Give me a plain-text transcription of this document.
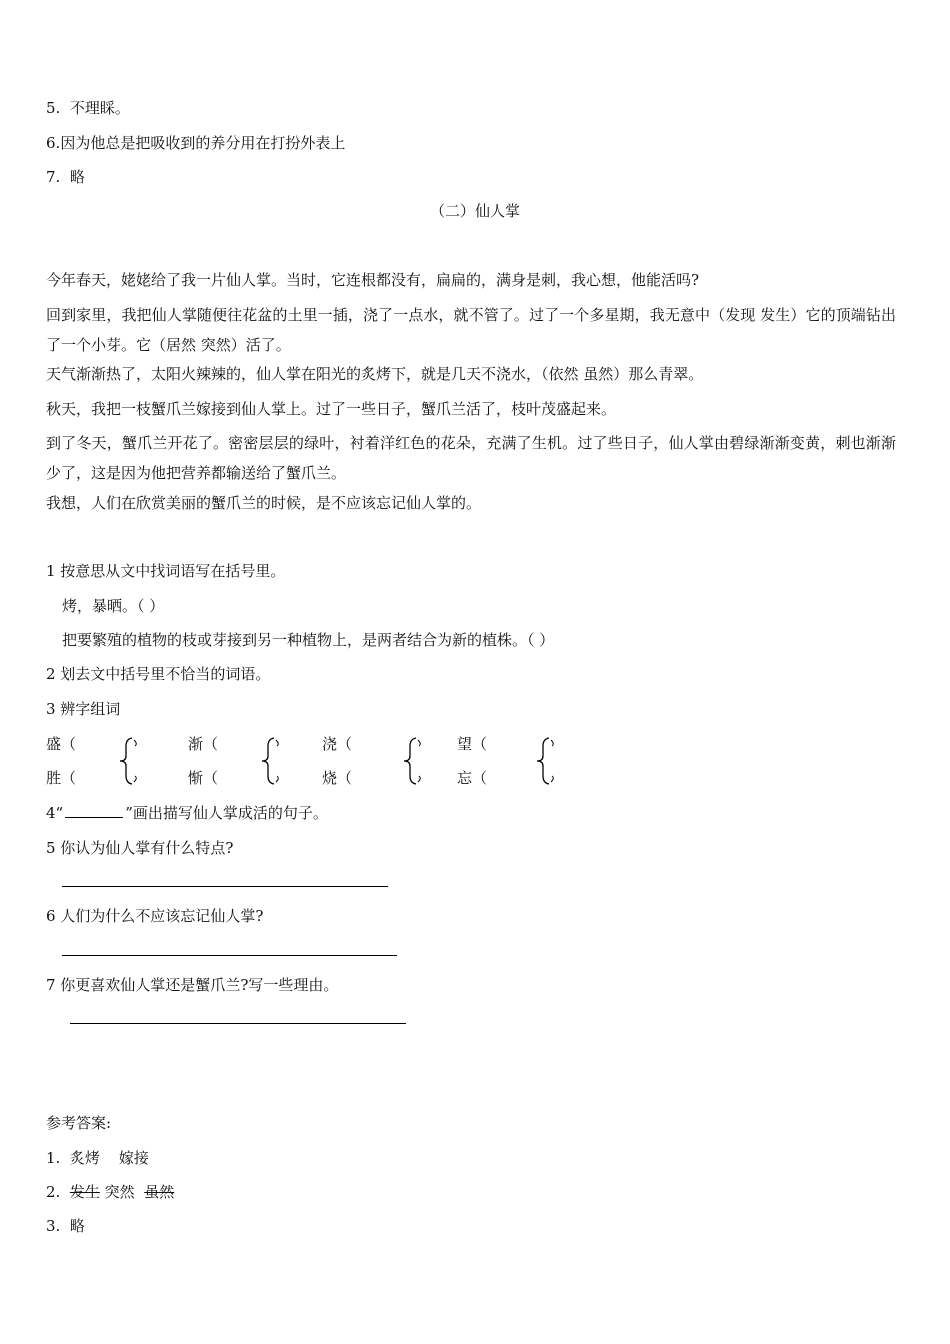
5. 不理睬。
6.因为他总是把吸收到的养分用在打扮外表上
7. 略
（二）仙人掌
今年春天，姥姥给了我一片仙人掌。当时，它连根都没有，扁扁的，满身是刺，我心想，他能活吗?
回到家里，我把仙人掌随便往花盆的土里一插，浇了一点水，就不管了。过了一个多星期，我无意中（发现 发生）它的顶端钻出了一个小芽。它（居然 突然）活了。
天气渐渐热了，太阳火辣辣的，仙人掌在阳光的炙烤下，就是几天不浇水，（依然 虽然）那么青翠。
秋天，我把一枝蟹爪兰嫁接到仙人掌上。过了一些日子，蟹爪兰活了，枝叶茂盛起来。
到了冬天，蟹爪兰开花了。密密层层的绿叶，衬着洋红色的花朵，充满了生机。过了些日子，仙人掌由碧绿渐渐变黄，刺也渐渐少了，这是因为他把营养都输送给了蟹爪兰。
我想，人们在欣赏美丽的蟹爪兰的时候，是不应该忘记仙人掌的。
1 按意思从文中找词语写在括号里。
烤，暴晒。（ ）
把要繁殖的植物的枝或芽接到另一种植物上，是两者结合为新的植株。（ ）
2 划去文中括号里不恰当的词语。
3 辨字组词
盛（
胜（
渐（
惭（
浇（
烧（
望（
忘（
4“	”画出描写仙人掌成活的句子。
5 你认为仙人掌有什么特点?
6 人们为什么不应该忘记仙人掌?
7 你更喜欢仙人掌还是蟹爪兰?写一些理由。
参考答案:
1. 炙烤    嫁接
2. 发生 突然 虽然
3. 略
